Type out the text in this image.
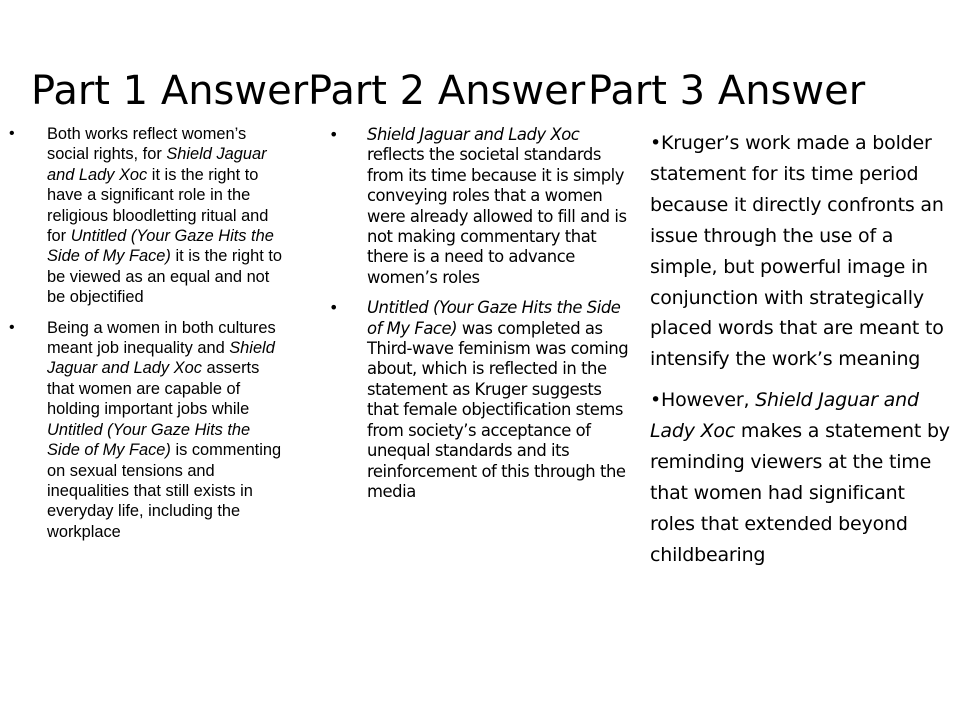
Part 1 Answer Part 2 Answer Part 3 Answer
• Both works reflect women’s social rights, for Shield Jaguar and Lady Xoc it is the right to have a significant role in the religious bloodletting ritual and for Untitled (Your Gaze Hits the Side of My Face) it is the right to be viewed as an equal and not be objectified
• Being a women in both cultures meant job inequality and Shield Jaguar and Lady Xoc asserts that women are capable of holding important jobs while Untitled (Your Gaze Hits the Side of My Face) is commenting on sexual tensions and inequalities that still exists in everyday life, including the workplace
• Shield Jaguar and Lady Xoc reflects the societal standards from its time because it is simply conveying roles that a women were already allowed to fill and is not making commentary that there is a need to advance women’s roles
• Untitled (Your Gaze Hits the Side of My Face) was completed as Third-wave feminism was coming about, which is reflected in the statement as Kruger suggests that female objectification stems from society’s acceptance of unequal standards and its reinforcement of this through the media
•Kruger’s work made a bolder statement for its time period because it directly confronts an issue through the use of a simple, but powerful image in conjunction with strategically placed words that are meant to intensify the work’s meaning
•However, Shield Jaguar and Lady Xoc makes a statement by reminding viewers at the time that women had significant roles that extended beyond childbearing
